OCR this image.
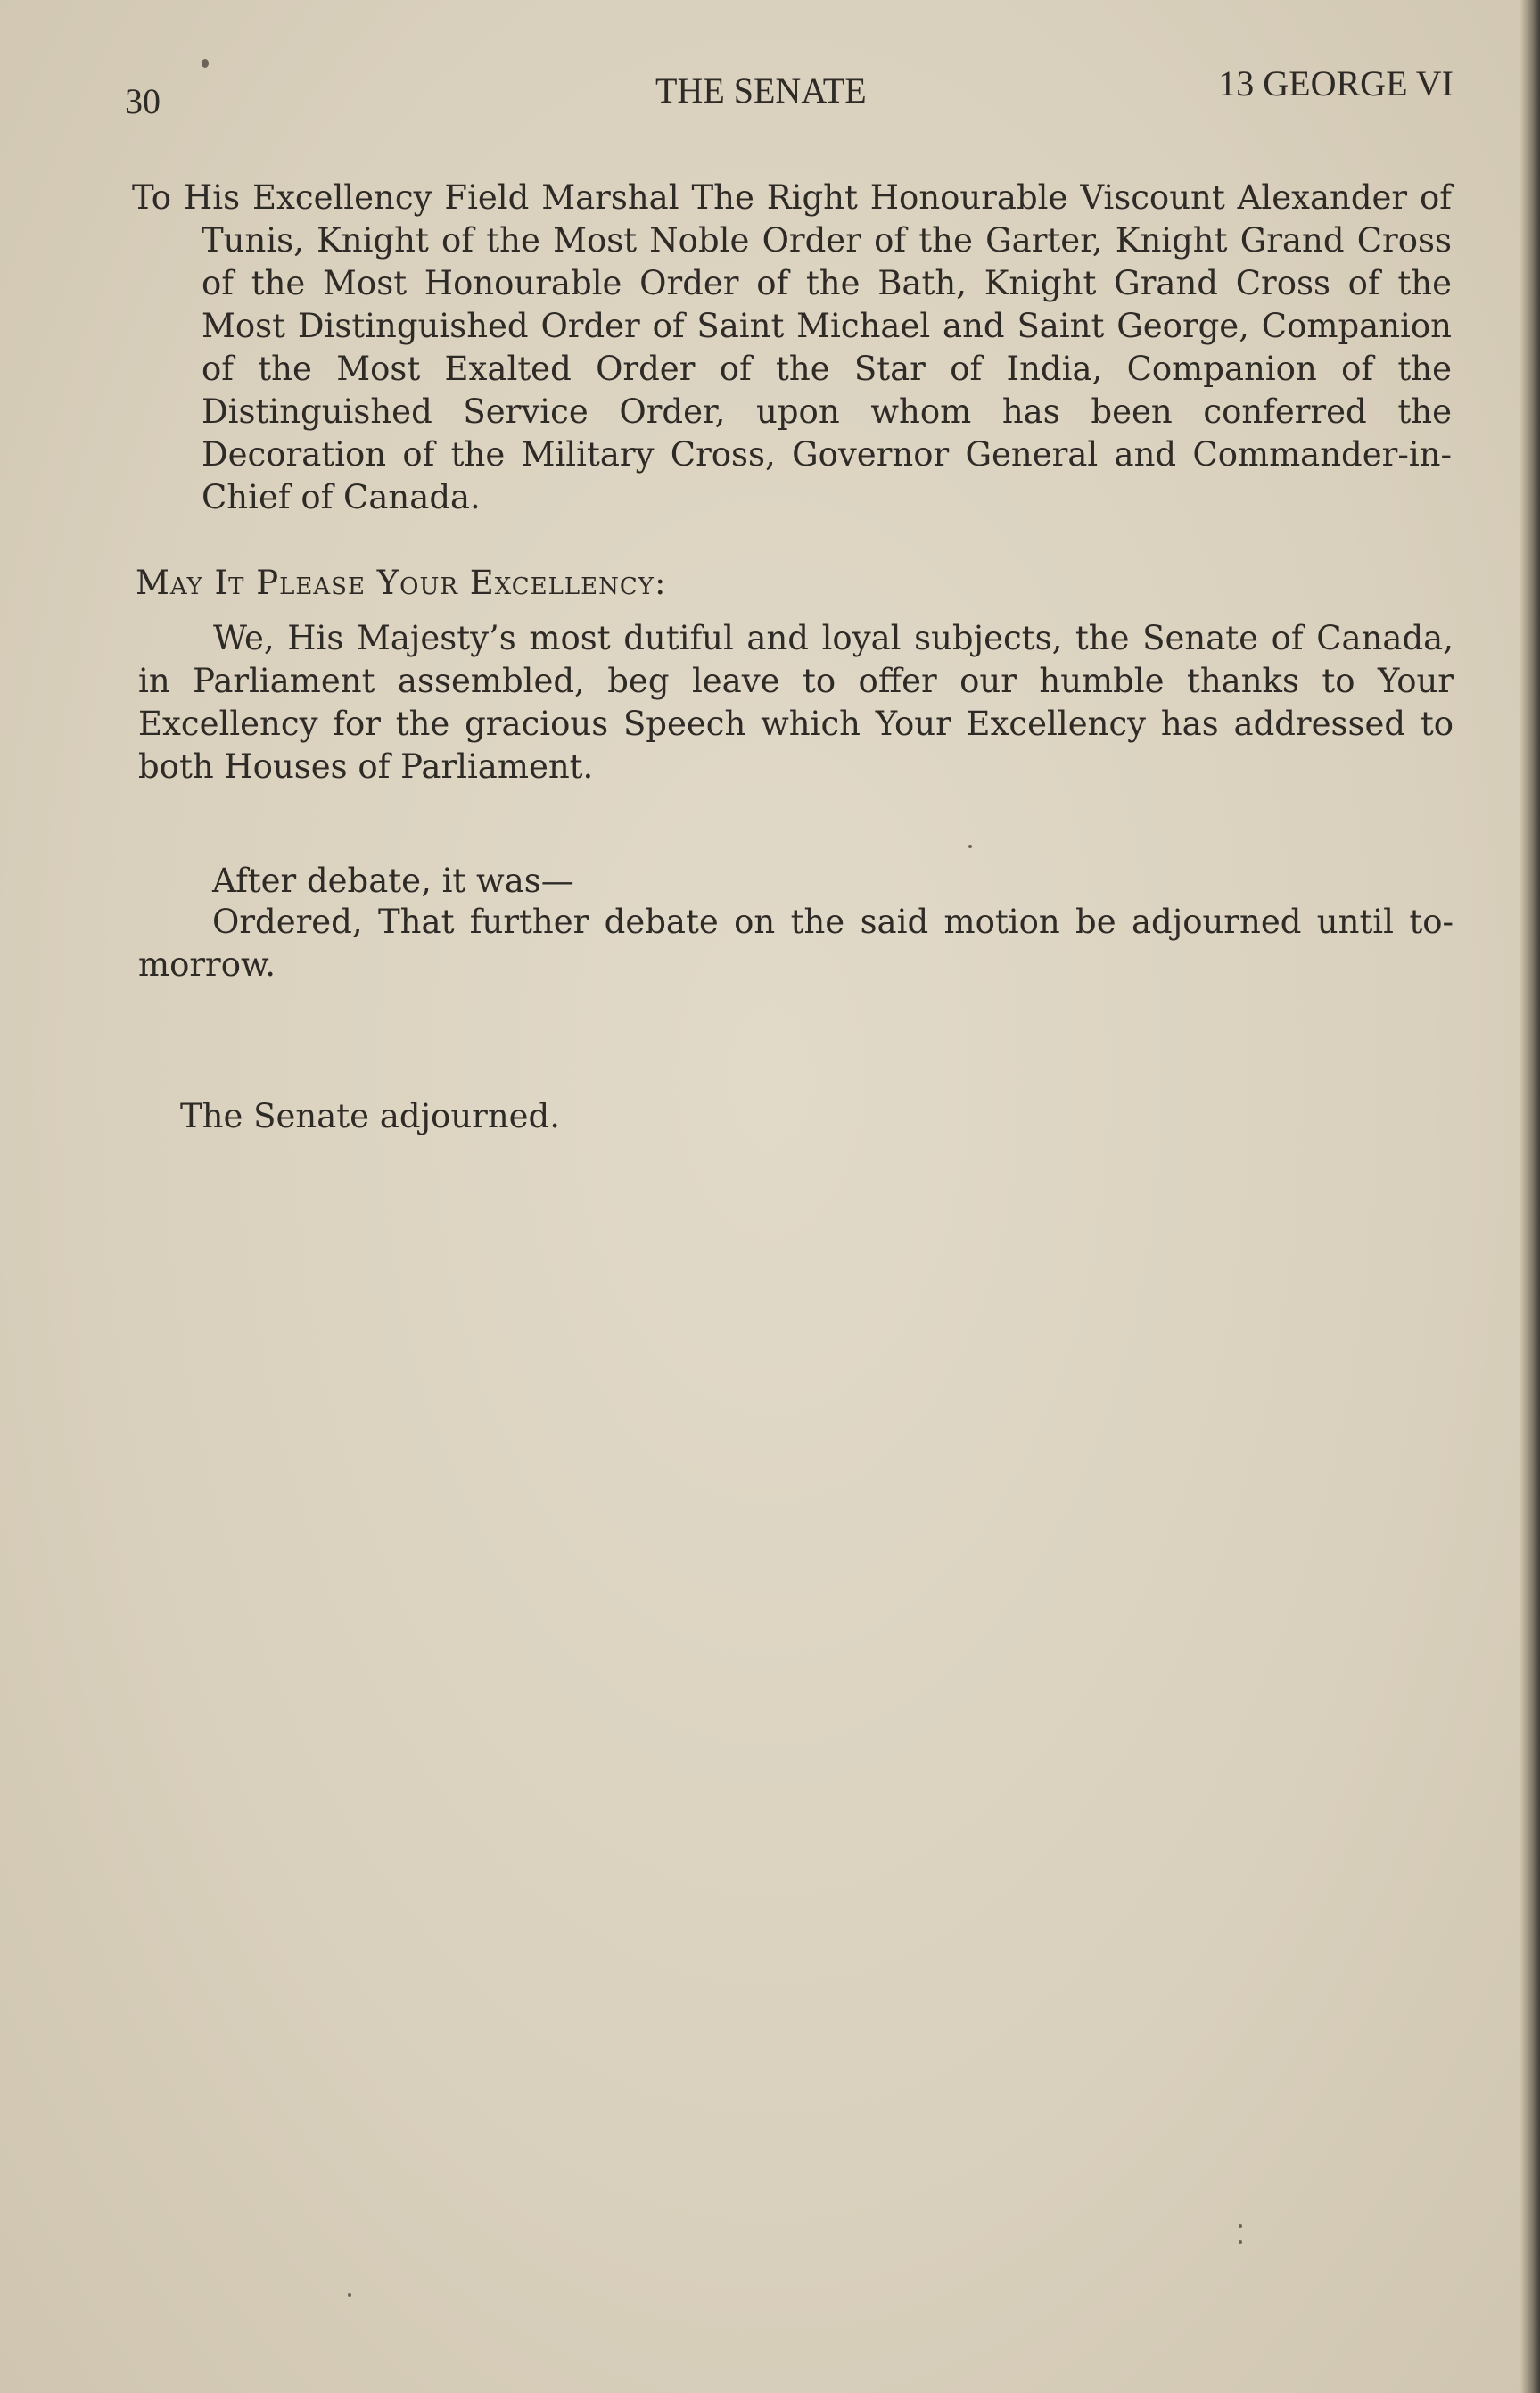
30	THE SENATE	13 GEORGE VI

To His Excellency Field Marshal The Right Honourable Viscount Alexander of Tunis, Knight of the Most Noble Order of the Garter, Knight Grand Cross of the Most Honourable Order of the Bath, Knight Grand Cross of the Most Distinguished Order of Saint Michael and Saint George, Companion of the Most Exalted Order of the Star of India, Companion of the Distinguished Service Order, upon whom has been conferred the Decoration of the Military Cross, Governor General and Commander-in-Chief of Canada.

May It Please Your Excellency:

We, His Majesty’s most dutiful and loyal subjects, the Senate of Canada, in Parliament assembled, beg leave to offer our humble thanks to Your Excellency for the gracious Speech which Your Excellency has addressed to both Houses of Parliament.

After debate, it was—

Ordered, That further debate on the said motion be adjourned until to-morrow.

The Senate adjourned.
